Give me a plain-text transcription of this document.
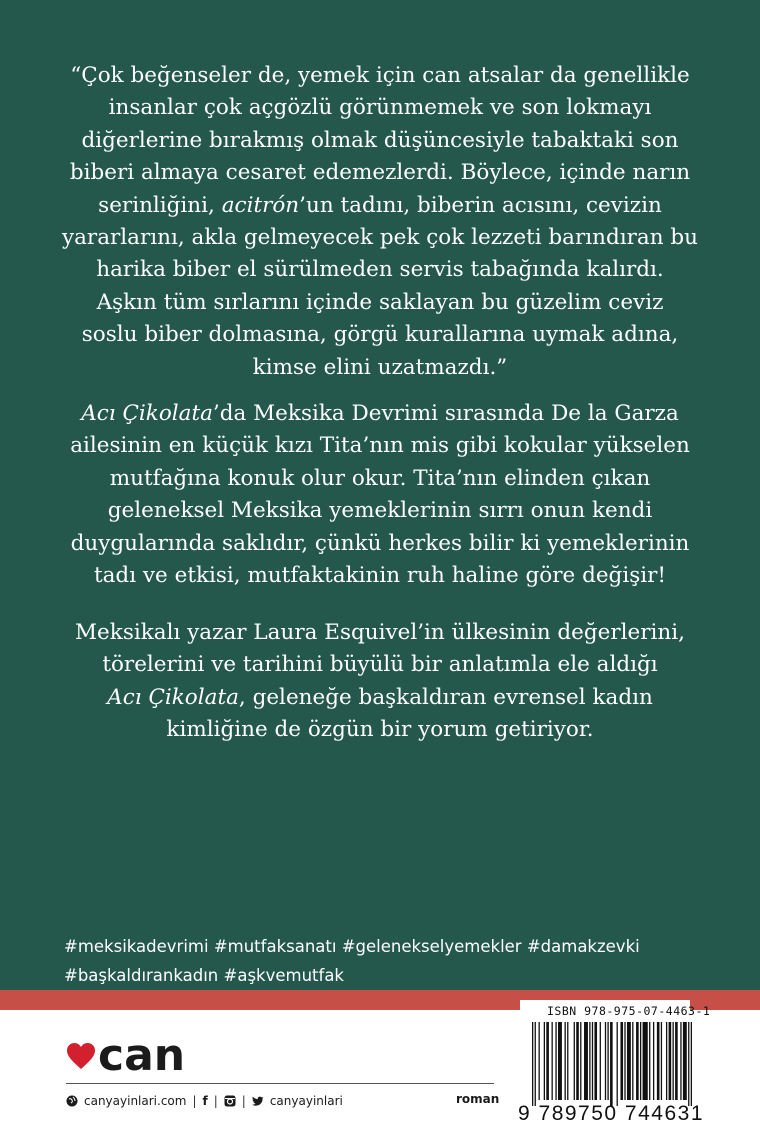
“Çok beğenseler de, yemek için can atsalar da genellikle
insanlar çok açgözlü görünmemek ve son lokmayı
diğerlerine bırakmış olmak düşüncesiyle tabaktaki son
biberi almaya cesaret edemezlerdi. Böylece, içinde narın
serinliğini, acitrón’un tadını, biberin acısını, cevizin
yararlarını, akla gelmeyecek pek çok lezzeti barındıran bu
harika biber el sürülmeden servis tabağında kalırdı.
Aşkın tüm sırlarını içinde saklayan bu güzelim ceviz
soslu biber dolmasına, görgü kurallarına uymak adına,
kimse elini uzatmazdı.”

Acı Çikolata’da Meksika Devrimi sırasında De la Garza
ailesinin en küçük kızı Tita’nın mis gibi kokular yükselen
mutfağına konuk olur okur. Tita’nın elinden çıkan
geleneksel Meksika yemeklerinin sırrı onun kendi
duygularında saklıdır, çünkü herkes bilir ki yemeklerinin
tadı ve etkisi, mutfaktakinin ruh haline göre değişir!

Meksikalı yazar Laura Esquivel’in ülkesinin değerlerini,
törelerini ve tarihini büyülü bir anlatımla ele aldığı
Acı Çikolata, geleneğe başkaldıran evrensel kadın
kimliğine de özgün bir yorum getiriyor.

#meksikadevrimi #mutfaksanatı #gelenekselyemekler #damakzevki
#başkaldırankadın #aşkvemutfak
can
canyayinlari.com | f | | canyayinlari	roman
ISBN 978-975-07-4463-1
9 789750 744631
